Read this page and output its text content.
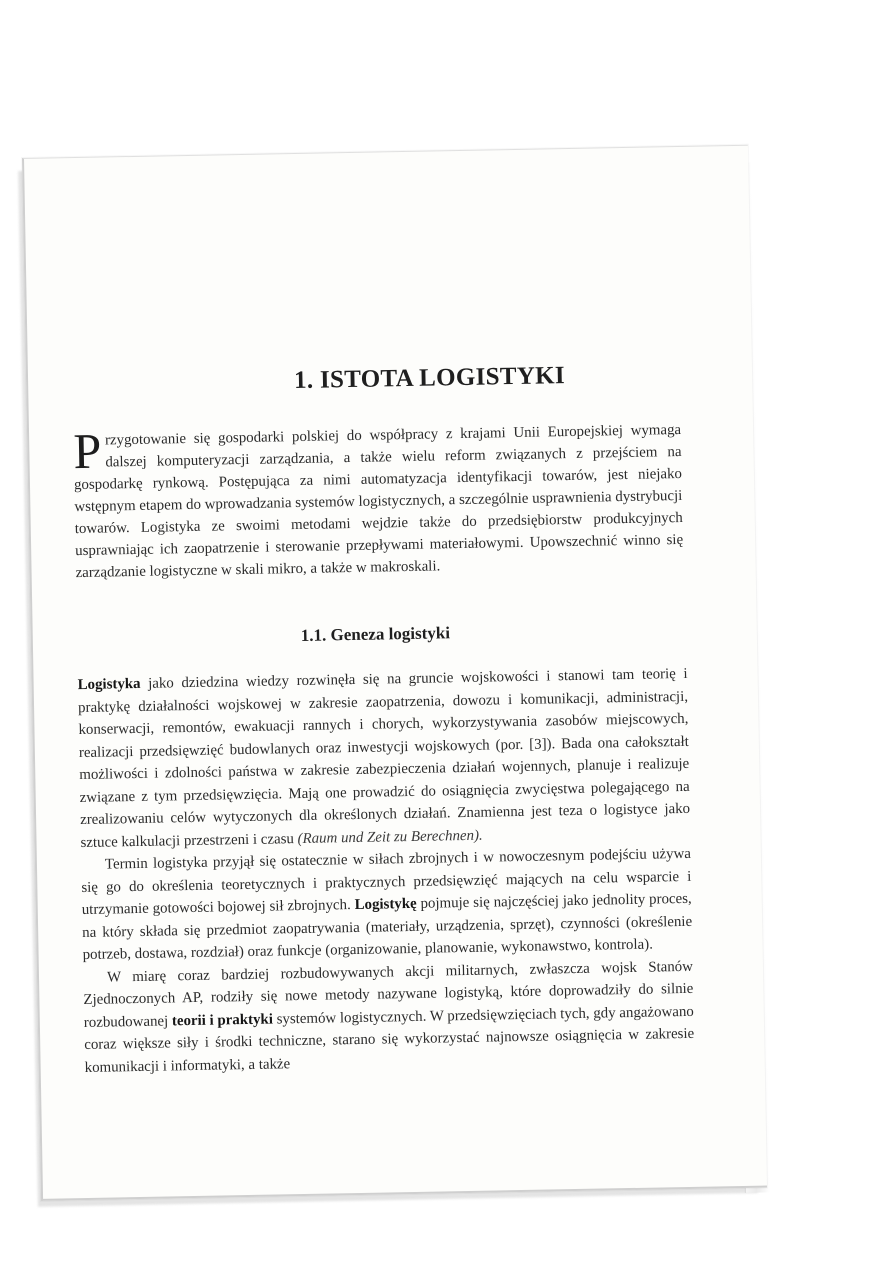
1. ISTOTA LOGISTYKI
Przygotowanie się gospodarki polskiej do współpracy z krajami Unii Europejskiej wymaga dalszej komputeryzacji zarządzania, a także wielu reform związanych z przejściem na gospodarkę rynkową. Postępująca za nimi automatyzacja identyfikacji towarów, jest niejako wstępnym etapem do wprowadzania systemów logistycznych, a szczególnie usprawnienia dystrybucji towarów. Logistyka ze swoimi metodami wejdzie także do przedsiębiorstw produkcyjnych usprawniając ich zaopatrzenie i sterowanie przepływami materiałowymi. Upowszechnić winno się zarządzanie logistyczne w skali mikro, a także w makroskali.
1.1. Geneza logistyki

Logistyka jako dziedzina wiedzy rozwinęła się na gruncie wojskowości i stanowi tam teorię i praktykę działalności wojskowej w zakresie zaopatrzenia, dowozu i komunikacji, administracji, konserwacji, remontów, ewakuacji rannych i chorych, wykorzystywania zasobów miejscowych, realizacji przedsięwzięć budowlanych oraz inwestycji wojskowych (por. [3]). Bada ona całokształt możliwości i zdolności państwa w zakresie zabezpieczenia działań wojennych, planuje i realizuje związane z tym przedsięwzięcia. Mają one prowadzić do osiągnięcia zwycięstwa polegającego na zrealizowaniu celów wytyczonych dla określonych działań. Znamienna jest teza o logistyce jako sztuce kalkulacji przestrzeni i czasu (Raum und Zeit zu Berechnen).

Termin logistyka przyjął się ostatecznie w siłach zbrojnych i w nowoczesnym podejściu używa się go do określenia teoretycznych i praktycznych przedsięwzięć mających na celu wsparcie i utrzymanie gotowości bojowej sił zbrojnych. Logistykę pojmuje się najczęściej jako jednolity proces, na który składa się przedmiot zaopatrywania (materiały, urządzenia, sprzęt), czynności (określenie potrzeb, dostawa, rozdział) oraz funkcje (organizowanie, planowanie, wykonawstwo, kontrola).

W miarę coraz bardziej rozbudowywanych akcji militarnych, zwłaszcza wojsk Stanów Zjednoczonych AP, rodziły się nowe metody nazywane logistyką, które doprowadziły do silnie rozbudowanej teorii i praktyki systemów logistycznych. W przedsięwzięciach tych, gdy angażowano coraz większe siły i środki techniczne, starano się wykorzystać najnowsze osiągnięcia w zakresie komunikacji i informatyki, a także
